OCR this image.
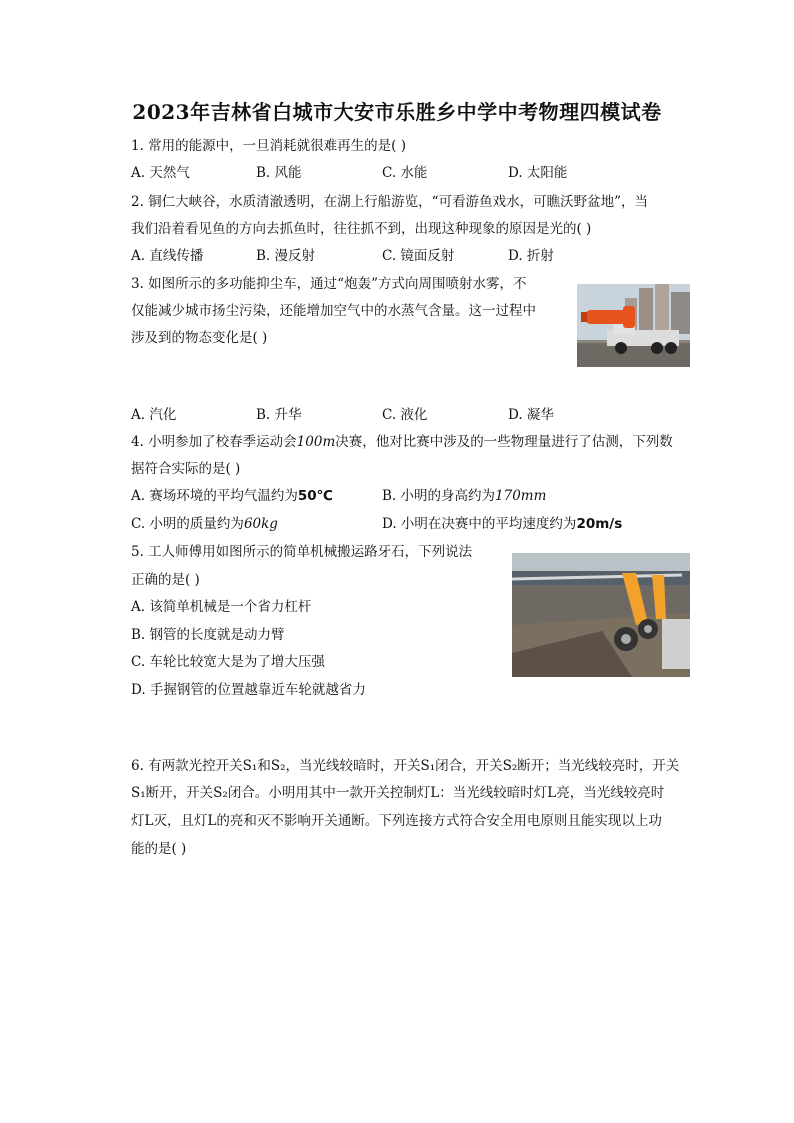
2023年吉林省白城市大安市乐胜乡中学中考物理四模试卷
1. 常用的能源中，一旦消耗就很难再生的是( )
A. 天然气	B. 风能	C. 水能	D. 太阳能
2. 铜仁大峡谷，水质清澈透明，在湖上行船游览，“可看游鱼戏水，可瞧沃野盆地”，当
我们沿着看见鱼的方向去抓鱼时，往往抓不到，出现这种现象的原因是光的( )
A. 直线传播	B. 漫反射	C. 镜面反射	D. 折射
3. 如图所示的多功能抑尘车，通过“炮轰”方式向周围喷射水雾，不
仅能减少城市扬尘污染，还能增加空气中的水蒸气含量。这一过程中
涉及到的物态变化是( )
A. 汽化	B. 升华	C. 液化	D. 凝华
4. 小明参加了校春季运动会100m决赛，他对比赛中涉及的一些物理量进行了估测，下列数
据符合实际的是( )
A. 赛场环境的平均气温约为50℃	B. 小明的身高约为170mm
C. 小明的质量约为60kg	D. 小明在决赛中的平均速度约为20m/s
5. 工人师傅用如图所示的简单机械搬运路牙石，下列说法
正确的是( )
A. 该简单机械是一个省力杠杆
B. 钢管的长度就是动力臂
C. 车轮比较宽大是为了增大压强
D. 手握钢管的位置越靠近车轮就越省力
6. 有两款光控开关S₁和S₂，当光线较暗时，开关S₁闭合，开关S₂断开；当光线较亮时，开关
S₁断开，开关S₂闭合。小明用其中一款开关控制灯L：当光线较暗时灯L亮，当光线较亮时
灯L灭，且灯L的亮和灭不影响开关通断。下列连接方式符合安全用电原则且能实现以上功
能的是( )
